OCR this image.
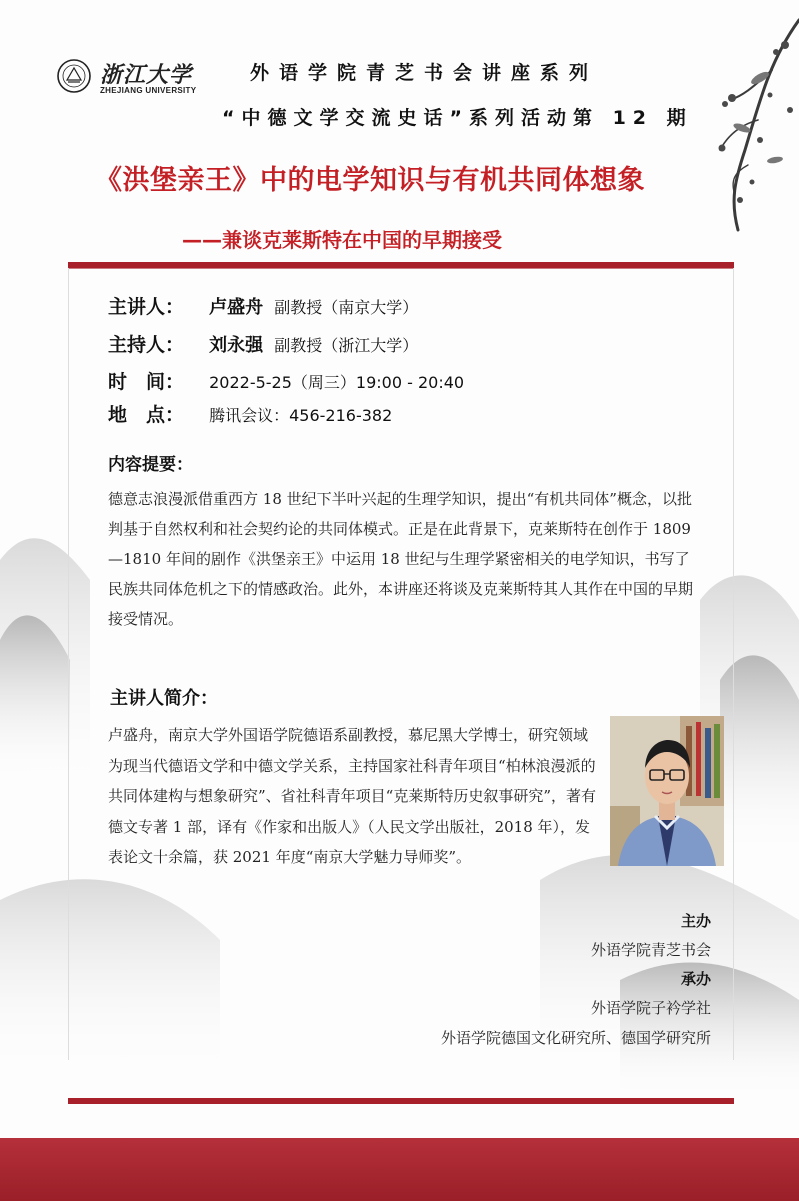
浙江大学
ZHEJIANG UNIVERSITY
外语学院青芝书会讲座系列
“中德文学交流史话”系列活动第 12 期
《洪堡亲王》中的电学知识与有机共同体想象
——兼谈克莱斯特在中国的早期接受
主讲人： 卢盛舟 副教授（南京大学）
主持人： 刘永强 副教授（浙江大学）
时　间： 2022-5-25（周三）19:00 - 20:40
地　点： 腾讯会议：456-216-382
内容提要：
德意志浪漫派借重西方 18 世纪下半叶兴起的生理学知识，提出“有机共同体”概念，以批判基于自然权利和社会契约论的共同体模式。正是在此背景下，克莱斯特在创作于 1809—1810 年间的剧作《洪堡亲王》中运用 18 世纪与生理学紧密相关的电学知识，书写了民族共同体危机之下的情感政治。此外，本讲座还将谈及克莱斯特其人其作在中国的早期接受情况。
主讲人简介：
卢盛舟，南京大学外国语学院德语系副教授，慕尼黑大学博士，研究领域为现当代德语文学和中德文学关系，主持国家社科青年项目“柏林浪漫派的共同体建构与想象研究”、省社科青年项目“克莱斯特历史叙事研究”，著有德文专著 1 部，译有《作家和出版人》（人民文学出版社，2018 年），发表论文十余篇，获 2021 年度“南京大学魅力导师奖”。
主办
外语学院青芝书会
承办
外语学院子衿学社
外语学院德国文化研究所、德国学研究所
